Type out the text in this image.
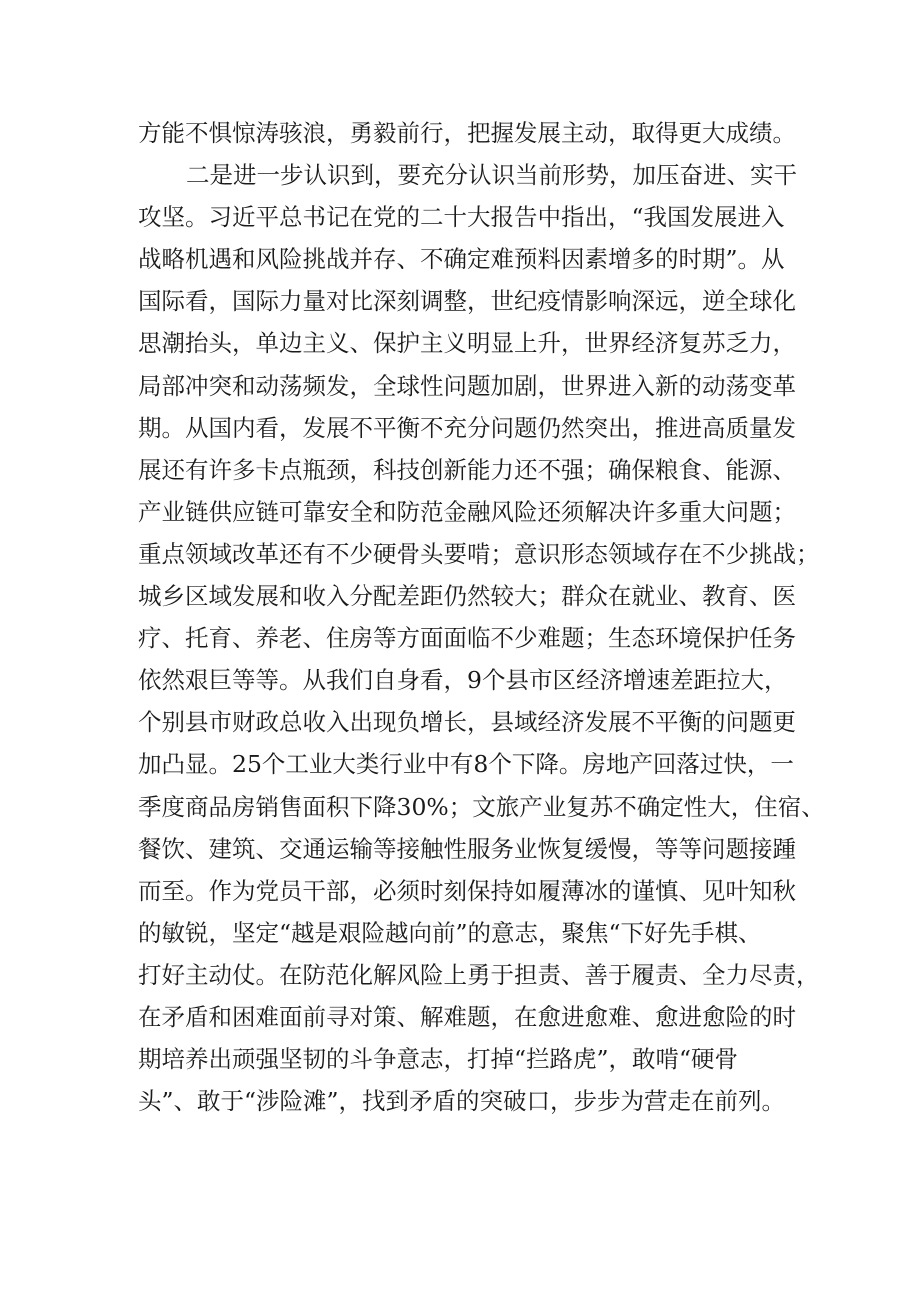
方能不惧惊涛骇浪，勇毅前行，把握发展主动，取得更大成绩。
二是进一步认识到，要充分认识当前形势，加压奋进、实干
攻坚。习近平总书记在党的二十大报告中指出，“我国发展进入
战略机遇和风险挑战并存、不确定难预料因素增多的时期”。从
国际看，国际力量对比深刻调整，世纪疫情影响深远，逆全球化
思潮抬头，单边主义、保护主义明显上升，世界经济复苏乏力，
局部冲突和动荡频发，全球性问题加剧，世界进入新的动荡变革
期。从国内看，发展不平衡不充分问题仍然突出，推进高质量发
展还有许多卡点瓶颈，科技创新能力还不强；确保粮食、能源、
产业链供应链可靠安全和防范金融风险还须解决许多重大问题；
重点领域改革还有不少硬骨头要啃；意识形态领域存在不少挑战；
城乡区域发展和收入分配差距仍然较大；群众在就业、教育、医
疗、托育、养老、住房等方面面临不少难题；生态环境保护任务
依然艰巨等等。从我们自身看，9个县市区经济增速差距拉大，
个别县市财政总收入出现负增长，县域经济发展不平衡的问题更
加凸显。25个工业大类行业中有8个下降。房地产回落过快，一
季度商品房销售面积下降30%；文旅产业复苏不确定性大，住宿、
餐饮、建筑、交通运输等接触性服务业恢复缓慢，等等问题接踵
而至。作为党员干部，必须时刻保持如履薄冰的谨慎、见叶知秋
的敏锐，坚定“越是艰险越向前”的意志，聚焦“下好先手棋、
打好主动仗。在防范化解风险上勇于担责、善于履责、全力尽责，
在矛盾和困难面前寻对策、解难题，在愈进愈难、愈进愈险的时
期培养出顽强坚韧的斗争意志，打掉“拦路虎”，敢啃“硬骨
头”、敢于“涉险滩”，找到矛盾的突破口，步步为营走在前列。
